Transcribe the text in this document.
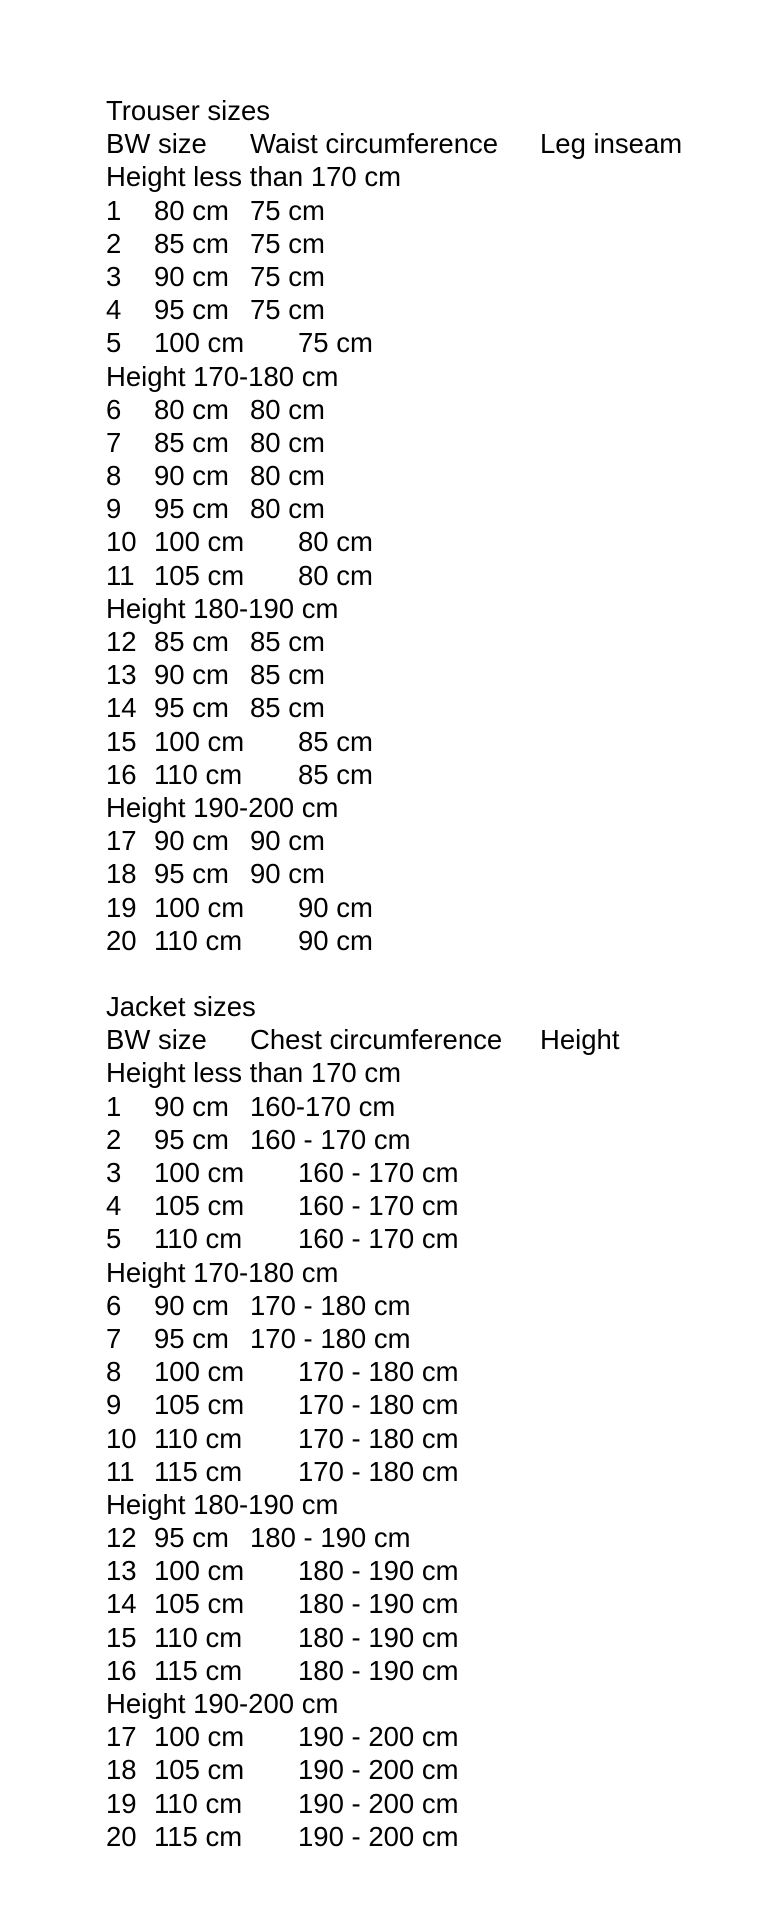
Trouser sizes
BW size Waist circumference Leg inseam
Height less than 170 cm
1 80 cm 75 cm
2 85 cm 75 cm
3 90 cm 75 cm
4 95 cm 75 cm
5 100 cm 75 cm
Height 170-180 cm
6 80 cm 80 cm
7 85 cm 80 cm
8 90 cm 80 cm
9 95 cm 80 cm
10 100 cm 80 cm
11 105 cm 80 cm
Height 180-190 cm
12 85 cm 85 cm
13 90 cm 85 cm
14 95 cm 85 cm
15 100 cm 85 cm
16 110 cm 85 cm
Height 190-200 cm
17 90 cm 90 cm
18 95 cm 90 cm
19 100 cm 90 cm
20 110 cm 90 cm
Jacket sizes
BW size Chest circumference Height
Height less than 170 cm
1 90 cm 160-170 cm
2 95 cm 160 - 170 cm
3 100 cm 160 - 170 cm
4 105 cm 160 - 170 cm
5 110 cm 160 - 170 cm
Height 170-180 cm
6 90 cm 170 - 180 cm
7 95 cm 170 - 180 cm
8 100 cm 170 - 180 cm
9 105 cm 170 - 180 cm
10 110 cm 170 - 180 cm
11 115 cm 170 - 180 cm
Height 180-190 cm
12 95 cm 180 - 190 cm
13 100 cm 180 - 190 cm
14 105 cm 180 - 190 cm
15 110 cm 180 - 190 cm
16 115 cm 180 - 190 cm
Height 190-200 cm
17 100 cm 190 - 200 cm
18 105 cm 190 - 200 cm
19 110 cm 190 - 200 cm
20 115 cm 190 - 200 cm
